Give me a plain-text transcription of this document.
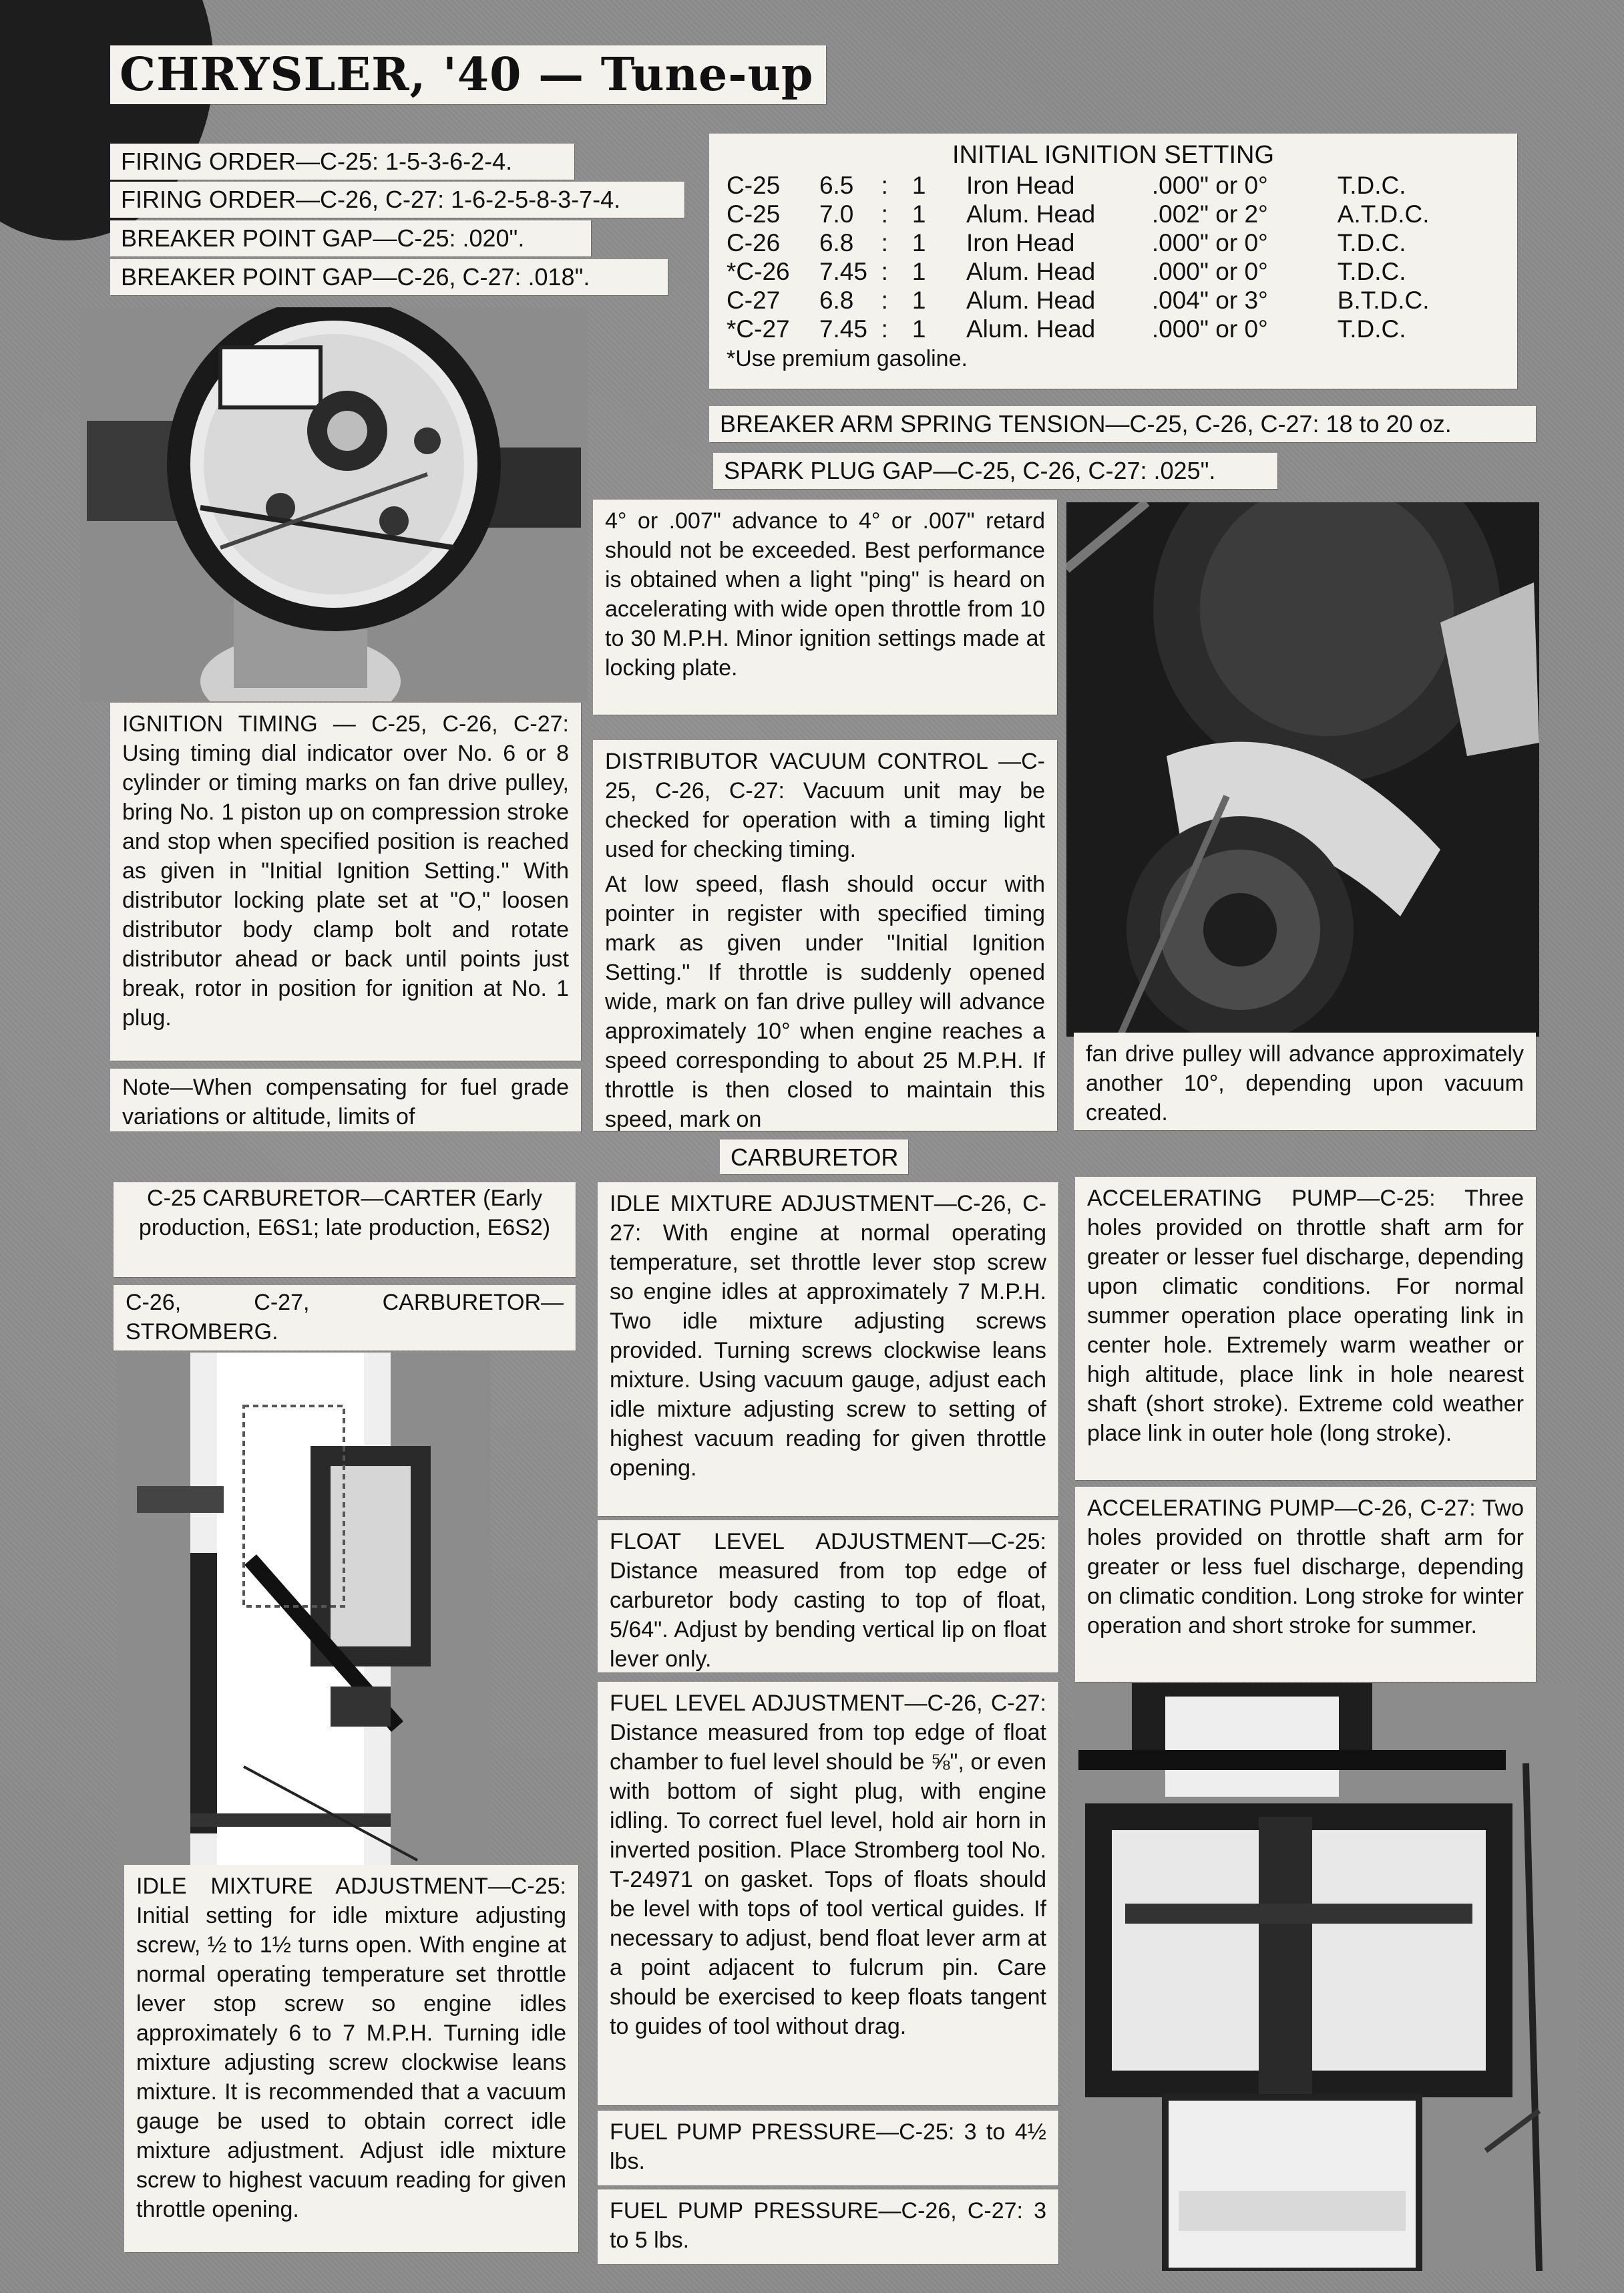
CHRYSLER, '40 — Tune-up
FIRING ORDER—C-25: 1-5-3-6-2-4.
FIRING ORDER—C-26, C-27: 1-6-2-5-8-3-7-4.
BREAKER POINT GAP—C-25: .020".
BREAKER POINT GAP—C-26, C-27: .018".
INITIAL IGNITION SETTING
C-25	6.5	:	1	Iron Head	.000" or 0°	T.D.C.
C-25	7.0	:	1	Alum. Head	.002" or 2°	A.T.D.C.
C-26	6.8	:	1	Iron Head	.000" or 0°	T.D.C.
*C-26	7.45	:	1	Alum. Head	.000" or 0°	T.D.C.
C-27	6.8	:	1	Alum. Head	.004" or 3°	B.T.D.C.
*C-27	7.45	:	1	Alum. Head	.000" or 0°	T.D.C.
*Use premium gasoline.
BREAKER ARM SPRING TENSION—C-25, C-26, C-27: 18 to 20 oz.
SPARK PLUG GAP—C-25, C-26, C-27: .025".
IGNITION TIMING — C-25, C-26, C-27: Using timing dial indicator over No. 6 or 8 cylinder or timing marks on fan drive pulley, bring No. 1 piston up on compression stroke and stop when specified position is reached as given in "Initial Ignition Setting." With distributor locking plate set at "O," loosen distributor body clamp bolt and rotate distributor ahead or back until points just break, rotor in position for ignition at No. 1 plug.
Note—When compensating for fuel grade variations or altitude, limits of
4° or .007" advance to 4° or .007" retard should not be exceeded. Best performance is obtained when a light "ping" is heard on accelerating with wide open throttle from 10 to 30 M.P.H. Minor ignition settings made at locking plate.
DISTRIBUTOR VACUUM CONTROL —C-25, C-26, C-27: Vacuum unit may be checked for operation with a timing light used for checking timing.
At low speed, flash should occur with pointer in register with specified timing mark as given under "Initial Ignition Setting." If throttle is suddenly opened wide, mark on fan drive pulley will advance approximately 10° when engine reaches a speed corresponding to about 25 M.P.H. If throttle is then closed to maintain this speed, mark on
fan drive pulley will advance approximately another 10°, depending upon vacuum created.
CARBURETOR
C-25 CARBURETOR—CARTER (Early production, E6S1; late production, E6S2)
C-26, C-27, CARBURETOR—STROMBERG.
IDLE MIXTURE ADJUSTMENT—C-25: Initial setting for idle mixture adjusting screw, ½ to 1½ turns open. With engine at normal operating temperature set throttle lever stop screw so engine idles approximately 6 to 7 M.P.H. Turning idle mixture adjusting screw clockwise leans mixture. It is recommended that a vacuum gauge be used to obtain correct idle mixture adjustment. Adjust idle mixture screw to highest vacuum reading for given throttle opening.
IDLE MIXTURE ADJUSTMENT—C-26, C-27: With engine at normal operating temperature, set throttle lever stop screw so engine idles at approximately 7 M.P.H. Two idle mixture adjusting screws provided. Turning screws clockwise leans mixture. Using vacuum gauge, adjust each idle mixture adjusting screw to setting of highest vacuum reading for given throttle opening.
FLOAT LEVEL ADJUSTMENT—C-25: Distance measured from top edge of carburetor body casting to top of float, 5/64". Adjust by bending vertical lip on float lever only.
FUEL LEVEL ADJUSTMENT—C-26, C-27: Distance measured from top edge of float chamber to fuel level should be ⅝", or even with bottom of sight plug, with engine idling. To correct fuel level, hold air horn in inverted position. Place Stromberg tool No. T-24971 on gasket. Tops of floats should be level with tops of tool vertical guides. If necessary to adjust, bend float lever arm at a point adjacent to fulcrum pin. Care should be exercised to keep floats tangent to guides of tool without drag.
FUEL PUMP PRESSURE—C-25: 3 to 4½ lbs.
FUEL PUMP PRESSURE—C-26, C-27: 3 to 5 lbs.
ACCELERATING PUMP—C-25: Three holes provided on throttle shaft arm for greater or lesser fuel discharge, depending upon climatic conditions. For normal summer operation place operating link in center hole. Extremely warm weather or high altitude, place link in hole nearest shaft (short stroke). Extreme cold weather place link in outer hole (long stroke).
ACCELERATING PUMP—C-26, C-27: Two holes provided on throttle shaft arm for greater or less fuel discharge, depending on climatic condition. Long stroke for winter operation and short stroke for summer.
